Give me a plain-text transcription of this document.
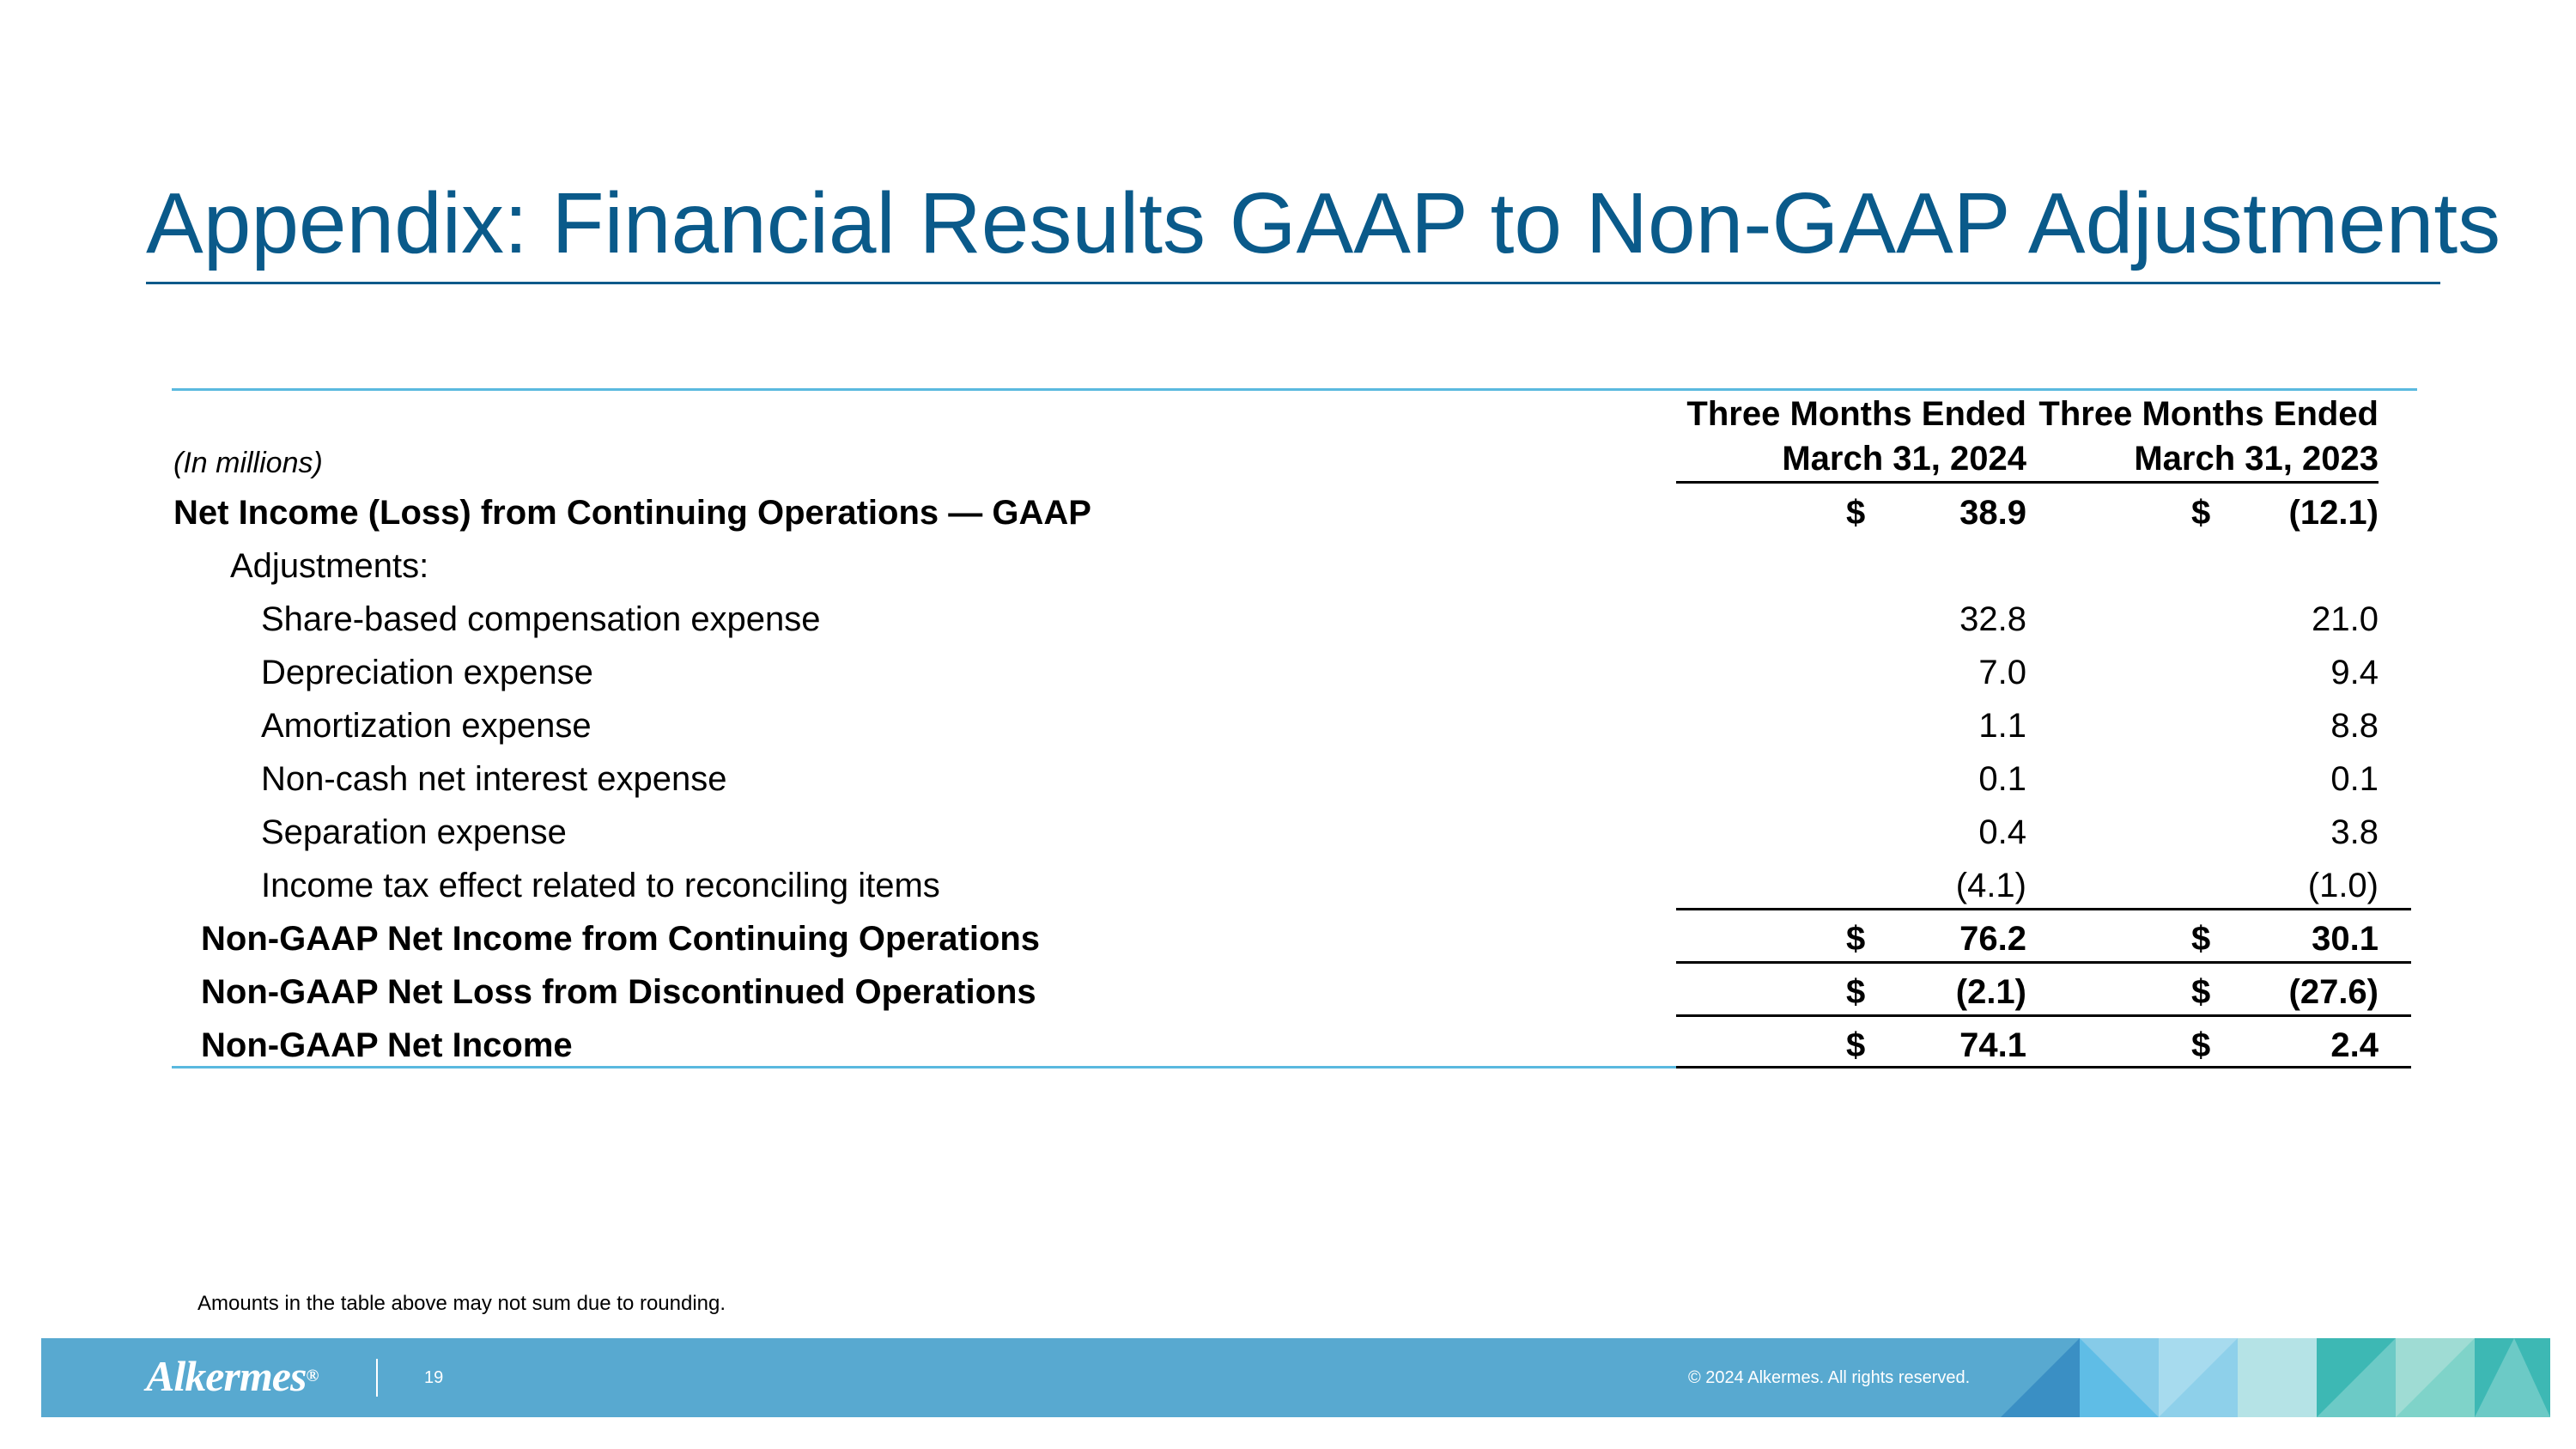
Appendix: Financial Results GAAP to Non-GAAP Adjustments
Three Months Ended
March 31, 2024
Three Months Ended
March 31, 2023
(In millions)
Net Income (Loss) from Continuing Operations — GAAP	$	38.9	$	(12.1)
Adjustments:
Share-based compensation expense	32.8	21.0
Depreciation expense	7.0	9.4
Amortization expense	1.1	8.8
Non-cash net interest expense	0.1	0.1
Separation expense	0.4	3.8
Income tax effect related to reconciling items	(4.1)	(1.0)
Non-GAAP Net Income from Continuing Operations	$	76.2	$	30.1
Non-GAAP Net Loss from Discontinued Operations	$	(2.1)	$	(27.6)
Non-GAAP Net Income	$	74.1	$	2.4
Amounts in the table above may not sum due to rounding.
Alkermes®	19	© 2024 Alkermes. All rights reserved.
